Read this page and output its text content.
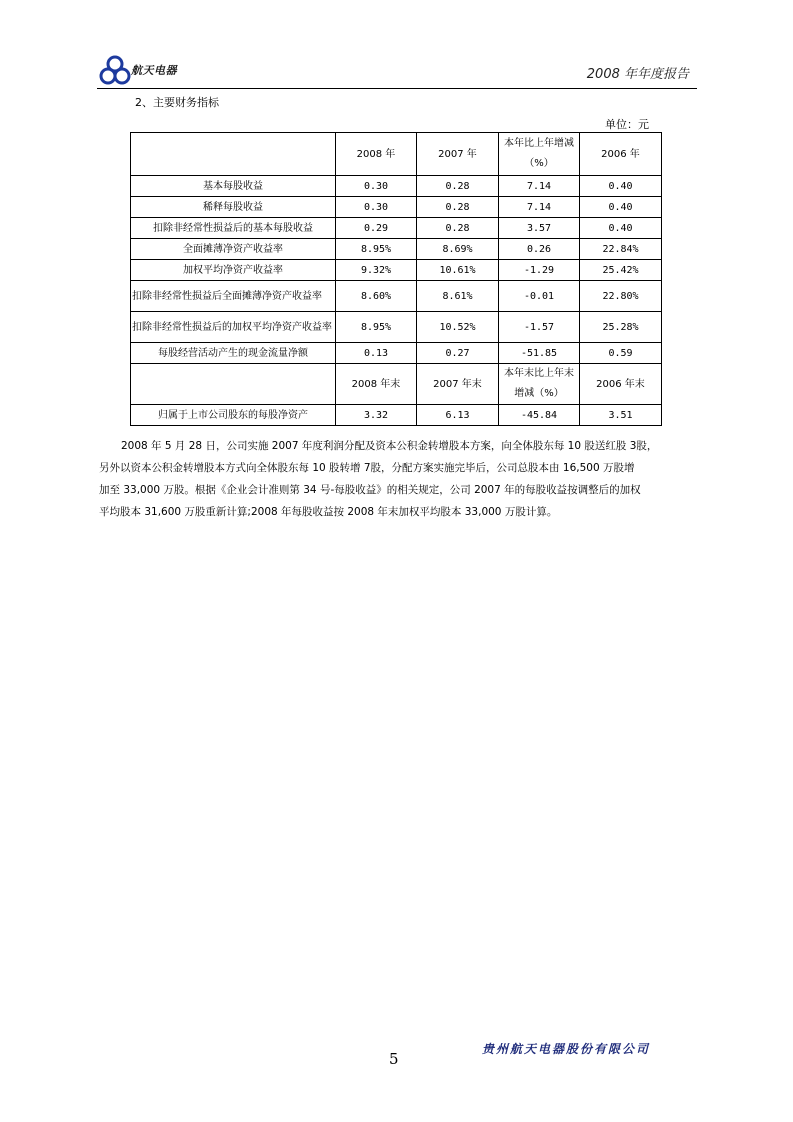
航天电器	2008 年年度报告
2、主要财务指标
单位：元
	2008 年	2007 年	本年比上年增减（%）	2006 年
基本每股收益	0.30	0.28	7.14	0.40
稀释每股收益	0.30	0.28	7.14	0.40
扣除非经常性损益后的基本每股收益	0.29	0.28	3.57	0.40
全面摊薄净资产收益率	8.95%	8.69%	0.26	22.84%
加权平均净资产收益率	9.32%	10.61%	-1.29	25.42%
扣除非经常性损益后全面摊薄净资产收益率	8.60%	8.61%	-0.01	22.80%
扣除非经常性损益后的加权平均净资产收益率	8.95%	10.52%	-1.57	25.28%
每股经营活动产生的现金流量净额	0.13	0.27	-51.85	0.59
	2008 年末	2007 年末	本年末比上年末增减（%）	2006 年末
归属于上市公司股东的每股净资产	3.32	6.13	-45.84	3.51
2008 年 5 月 28 日，公司实施 2007 年度利润分配及资本公积金转增股本方案，向全体股东每 10 股送红股 3股，
另外以资本公积金转增股本方式向全体股东每 10 股转增 7股，分配方案实施完毕后，公司总股本由 16,500 万股增
加至 33,000 万股。根据《企业会计准则第 34 号-每股收益》的相关规定，公司 2007 年的每股收益按调整后的加权
平均股本 31,600 万股重新计算;2008 年每股收益按 2008 年末加权平均股本 33,000 万股计算。
5
贵州航天电器股份有限公司
